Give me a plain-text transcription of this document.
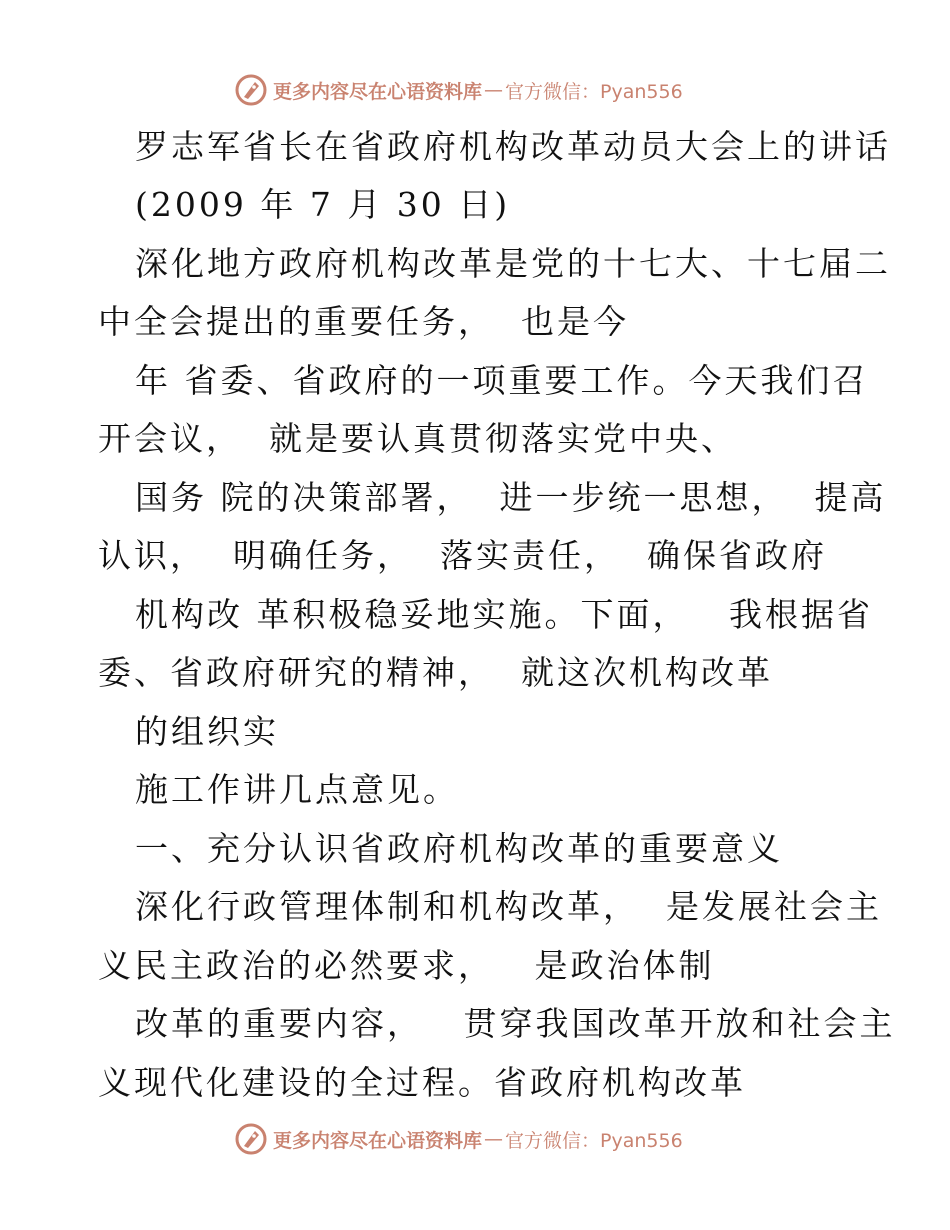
更多内容尽在心语资料库 — 官方微信：Pyan556
罗志军省长在省政府机构改革动员大会上的讲话
(2009 年 7 月 30 日)
深化地方政府机构改革是党的十七大、十七届二
中全会提出的重要任务，  也是今
年 省委、省政府的一项重要工作。今天我们召
开会议，  就是要认真贯彻落实党中央、
国务 院的决策部署，  进一步统一思想，  提高
认识，  明确任务，  落实责任，  确保省政府
机构改 革积极稳妥地实施。下面，   我根据省
委、省政府研究的精神，  就这次机构改革
的组织实
施工作讲几点意见。
一、充分认识省政府机构改革的重要意义
深化行政管理体制和机构改革，  是发展社会主
义民主政治的必然要求，   是政治体制
改革的重要内容，   贯穿我国改革开放和社会主
义现代化建设的全过程。省政府机构改革
更多内容尽在心语资料库 — 官方微信：Pyan556
